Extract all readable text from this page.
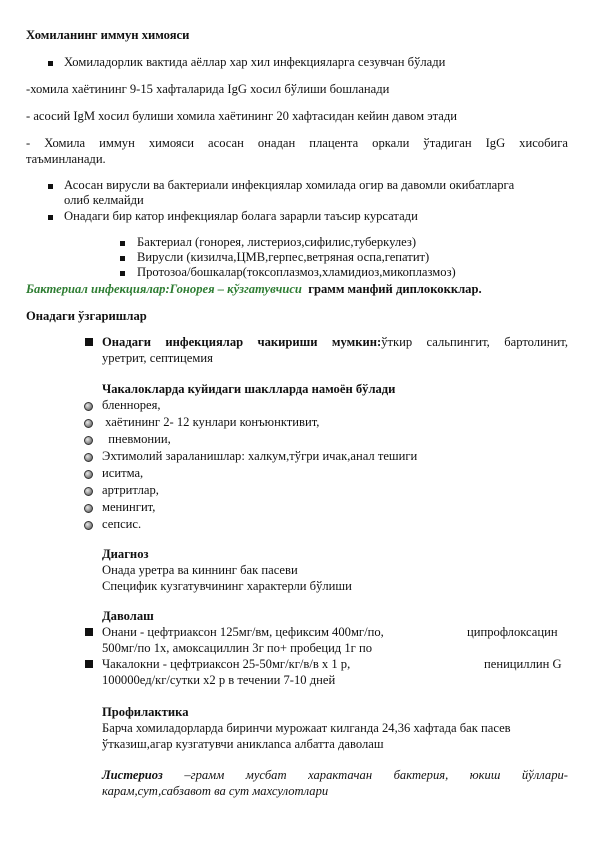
Хомиланинг иммун химояси
Хомиладорлик вактида аёллар хар хил инфекцияларга сезувчан бўлади
-хомила хаётининг 9-15 хафталарида IgG хосил бўлиши бошланади
- асосий IgM хосил булиши хомила хаётининг 20 хафтасидан кейин давом этади
- Хомила иммун химояси асосан онадан плацента оркали ўтадиган IgG хисобига
таъминланади.
Асосан вирусли ва бактериали инфекциялар хомилада огир ва давомли окибатларга
олиб келмайди
Онадаги бир катор инфекциялар болага зарарли таъсир курсатади
Бактериал (гонорея, листериоз,сифилис,туберкулез)
Вирусли (кизилча,ЦМВ,герпес,ветряная оспа,гепатит)
Протозоа/бошкалар(токсоплазмоз,хламидиоз,микоплазмоз)
Бактериал инфекциялар:Гонорея – кўзгатувчиси грамм манфий диплококклар.
Онадаги ўзгаришлар
Онадаги инфекциялар чакириши мумкин:ўткир сальпингит, бартолинит,
уретрит, септицемия
Чакалокларда куйидаги шаклларда намоён бўлади
бленнорея,
хаётининг 2- 12 кунлари конъюнктивит,
пневмонии,
Эхтимолий зараланишлар: халкум,тўгри ичак,анал тешиги
иситма,
артритлар,
менингит,
сепсис.
Диагноз
Онада уретра ва киннинг бак пасеви
Специфик кузгатувчининг характерли бўлиши
Даволаш
Онани - цефтриаксон 125мг/вм, цефиксим 400мг/по,	ципрофлоксацин
500мг/по 1х, амоксациллин 3г по+ пробецид 1г по
Чакалокни - цефтриаксон 25-50мг/кг/в/в х 1 р,	пенициллин G
100000ед/кг/сутки х2 р в течении 7-10 дней
Профилактика
Барча хомиладорларда биринчи мурожаат килганда 24,36 хафтада бак пасев
ўтказиш,агар кузгатувчи аниклanса албатта даволаш
Листериоз –грамм мусбат характачан бактерия, юкиш йўллари-
карам,сут,сабзавот ва сут махсулотлари
